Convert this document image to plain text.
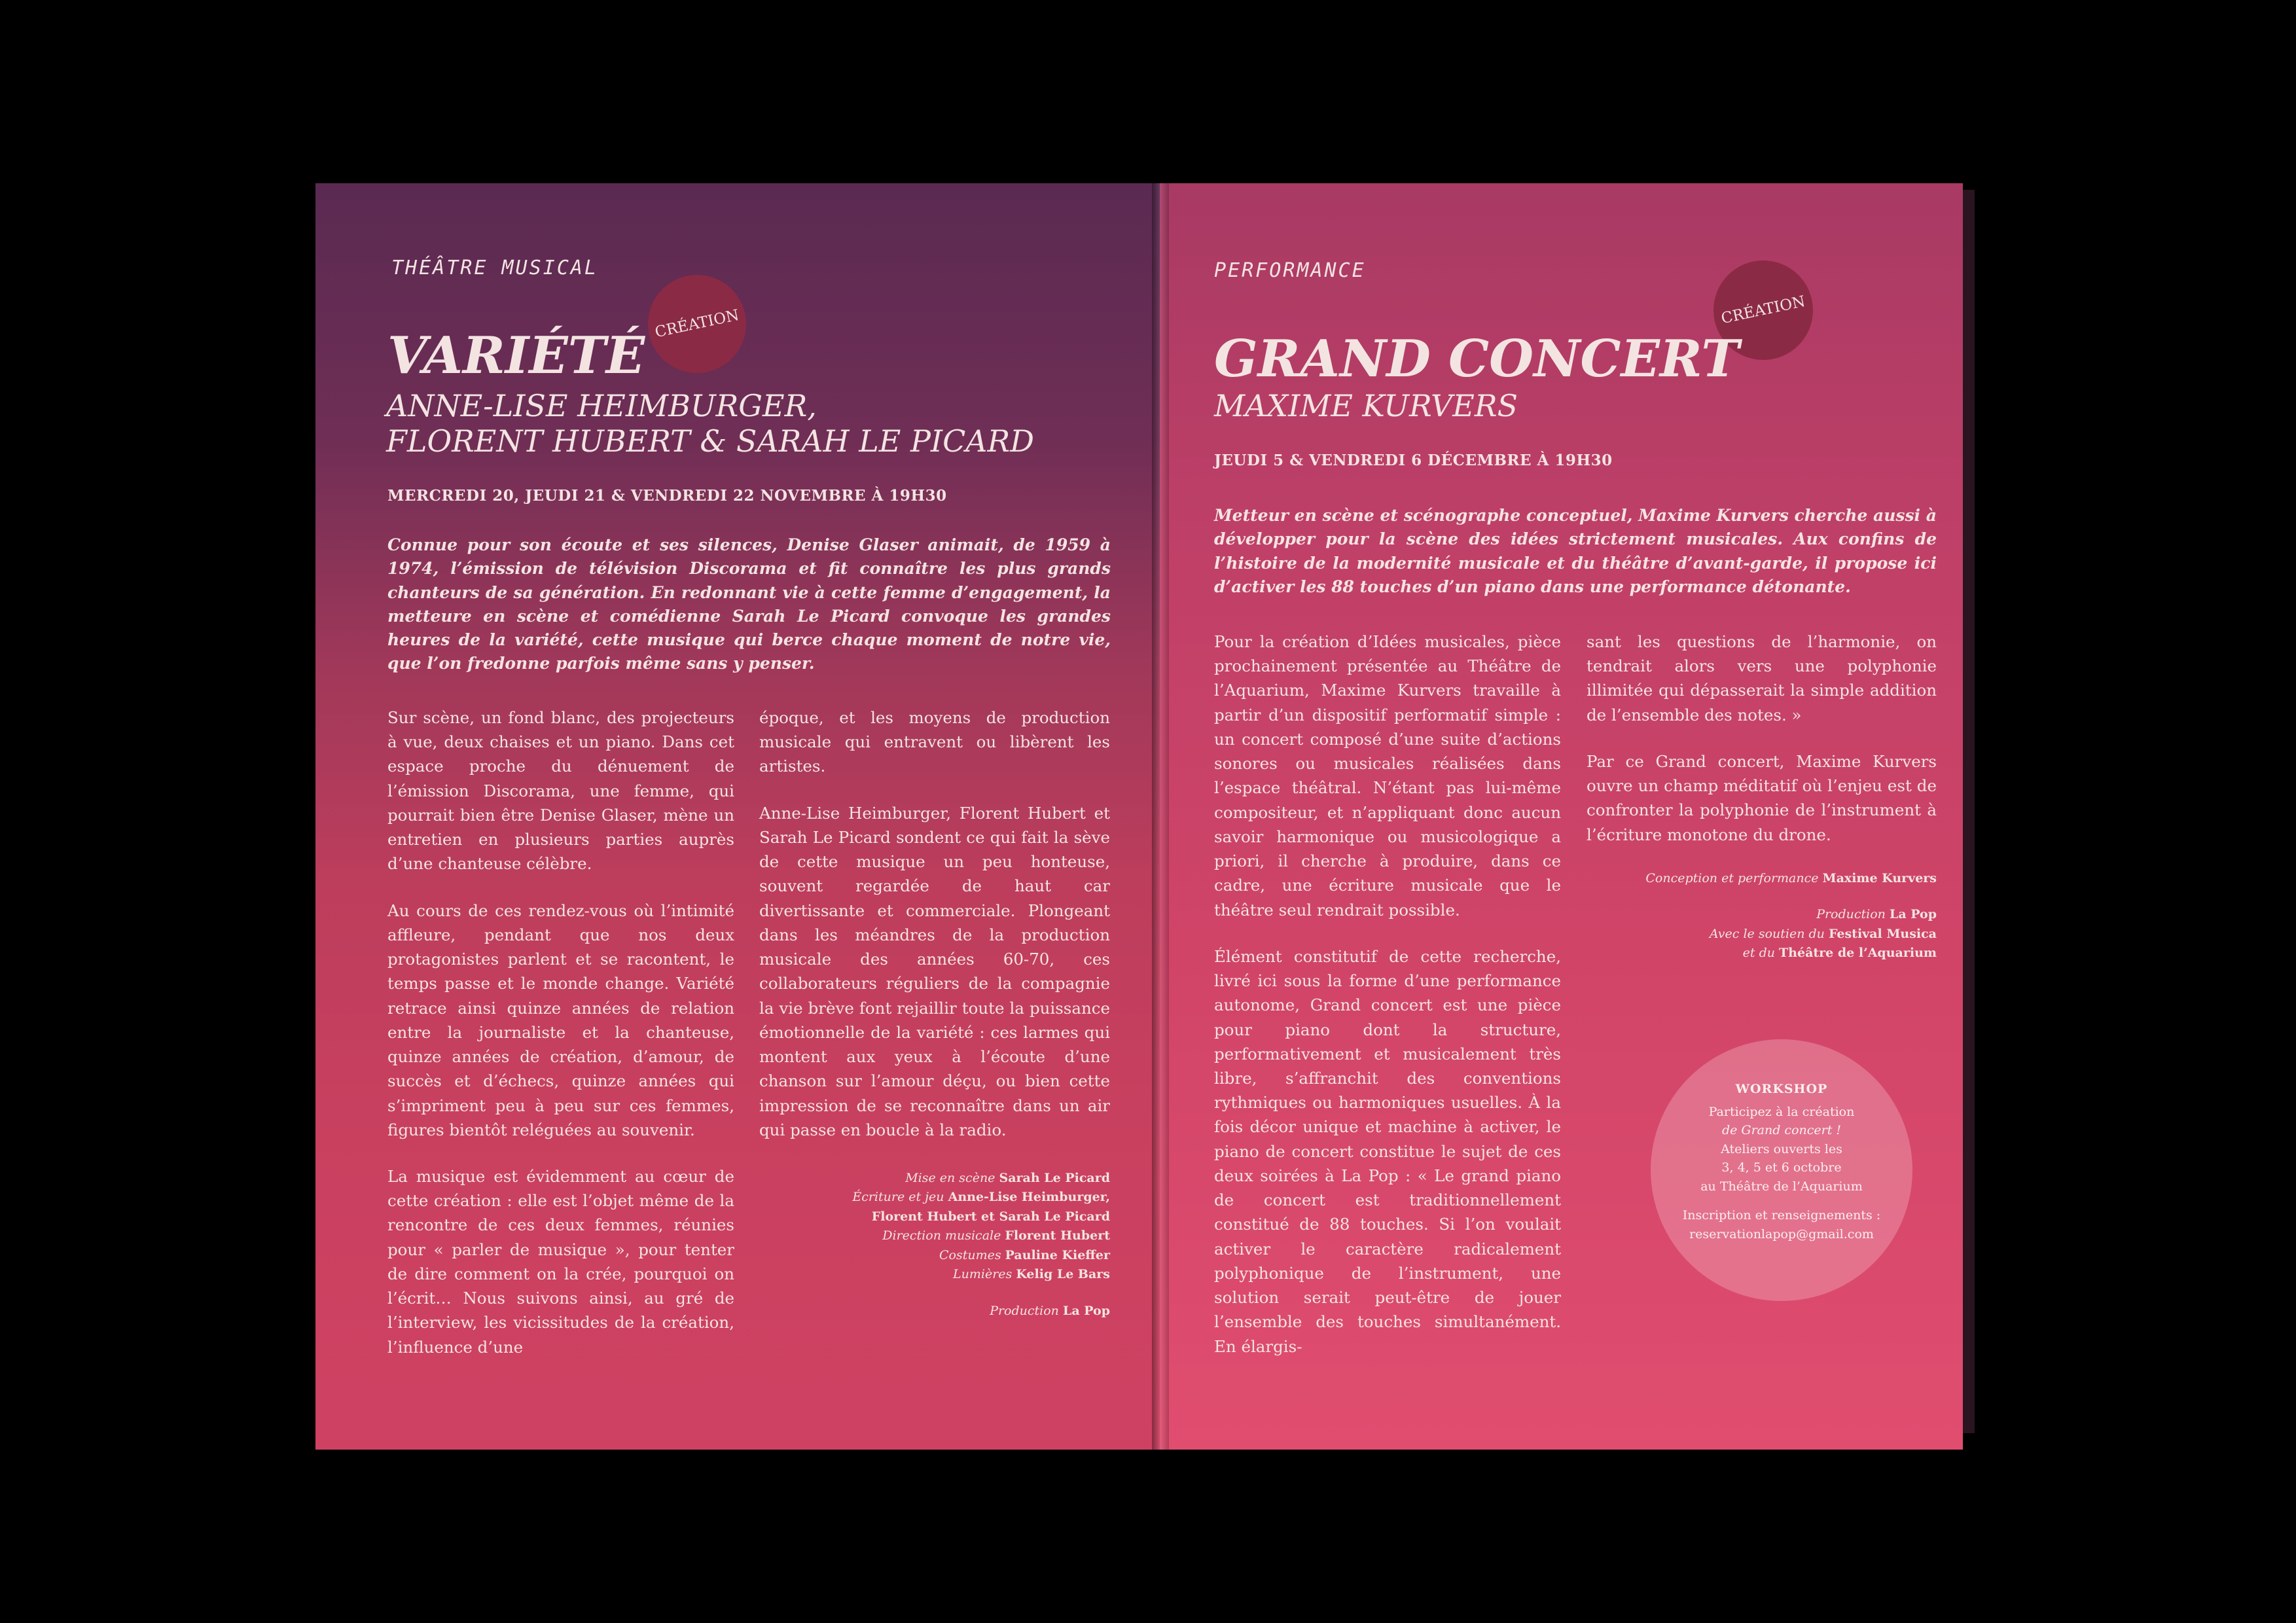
THÉÂTRE MUSICAL
CRÉATION
VARIÉTÉ
ANNE-LISE HEIMBURGER,
FLORENT HUBERT & SARAH LE PICARD
MERCREDI 20, JEUDI 21 & VENDREDI 22 NOVEMBRE À 19H30
Connue pour son écoute et ses silences, Denise Glaser animait, de 1959 à 1974, l’émission de télévision Discorama et fit connaître les plus grands chanteurs de sa génération. En redonnant vie à cette femme d’engagement, la metteure en scène et comédienne Sarah Le Picard convoque les grandes heures de la variété, cette musique qui berce chaque moment de notre vie, que l’on fredonne parfois même sans y penser.

Sur scène, un fond blanc, des projecteurs à vue, deux chaises et un piano. Dans cet espace proche du dénuement de l’émission Discorama, une femme, qui pourrait bien être Denise Glaser, mène un entretien en plusieurs parties auprès d’une chanteuse célèbre.

Au cours de ces rendez-vous où l’intimité affleure, pendant que nos deux protagonistes parlent et se racontent, le temps passe et le monde change. Variété retrace ainsi quinze années de relation entre la journaliste et la chanteuse, quinze années de création, d’amour, de succès et d’échecs, quinze années qui s’impriment peu à peu sur ces femmes, figures bientôt reléguées au souvenir.

La musique est évidemment au cœur de cette création : elle est l’objet même de la rencontre de ces deux femmes, réunies pour « parler de musique », pour tenter de dire comment on la crée, pourquoi on l’écrit… Nous suivons ainsi, au gré de l’interview, les vicissitudes de la création, l’influence d’une

époque, et les moyens de production musicale qui entravent ou libèrent les artistes.

Anne-Lise Heimburger, Florent Hubert et Sarah Le Picard sondent ce qui fait la sève de cette musique un peu honteuse, souvent regardée de haut car divertissante et commerciale. Plongeant dans les méandres de la production musicale des années 60-70, ces collaborateurs réguliers de la compagnie la vie brève font rejaillir toute la puissance émotionnelle de la variété : ces larmes qui montent aux yeux à l’écoute d’une chanson sur l’amour déçu, ou bien cette impression de se reconnaître dans un air qui passe en boucle à la radio.

Mise en scène Sarah Le Picard
Écriture et jeu Anne-Lise Heimburger,
Florent Hubert et Sarah Le Picard
Direction musicale Florent Hubert
Costumes Pauline Kieffer
Lumières Kelig Le Bars
Production La Pop
PERFORMANCE
CRÉATION
GRAND CONCERT
MAXIME KURVERS
JEUDI 5 & VENDREDI 6 DÉCEMBRE À 19H30
Metteur en scène et scénographe conceptuel, Maxime Kurvers cherche aussi à développer pour la scène des idées strictement musicales. Aux confins de l’histoire de la modernité musicale et du théâtre d’avant-garde, il propose ici d’activer les 88 touches d’un piano dans une performance détonante.

Pour la création d’Idées musicales, pièce prochainement présentée au Théâtre de l’Aquarium, Maxime Kurvers travaille à partir d’un dispositif performatif simple : un concert composé d’une suite d’actions sonores ou musicales réalisées dans l’espace théâtral. N’étant pas lui-même compositeur, et n’appliquant donc aucun savoir harmonique ou musicologique a priori, il cherche à produire, dans ce cadre, une écriture musicale que le théâtre seul rendrait possible.

Élément constitutif de cette recherche, livré ici sous la forme d’une performance autonome, Grand concert est une pièce pour piano dont la structure, performativement et musicalement très libre, s’affranchit des conventions rythmiques ou harmoniques usuelles. À la fois décor unique et machine à activer, le piano de concert constitue le sujet de ces deux soirées à La Pop : « Le grand piano de concert est traditionnellement constitué de 88 touches. Si l’on voulait activer le caractère radicalement polyphonique de l’instrument, une solution serait peut-être de jouer l’ensemble des touches simultanément. En élargis-

sant les questions de l’harmonie, on tendrait alors vers une polyphonie illimitée qui dépasserait la simple addition de l’ensemble des notes. »

Par ce Grand concert, Maxime Kurvers ouvre un champ méditatif où l’enjeu est de confronter la polyphonie de l’instrument à l’écriture monotone du drone.

Conception et performance Maxime Kurvers
Production La Pop
Avec le soutien du Festival Musica
et du Théâtre de l’Aquarium
WORKSHOP
Participez à la création
de Grand concert !
Ateliers ouverts les
3, 4, 5 et 6 octobre
au Théâtre de l’Aquarium
Inscription et renseignements :
reservationlapop@gmail.com
